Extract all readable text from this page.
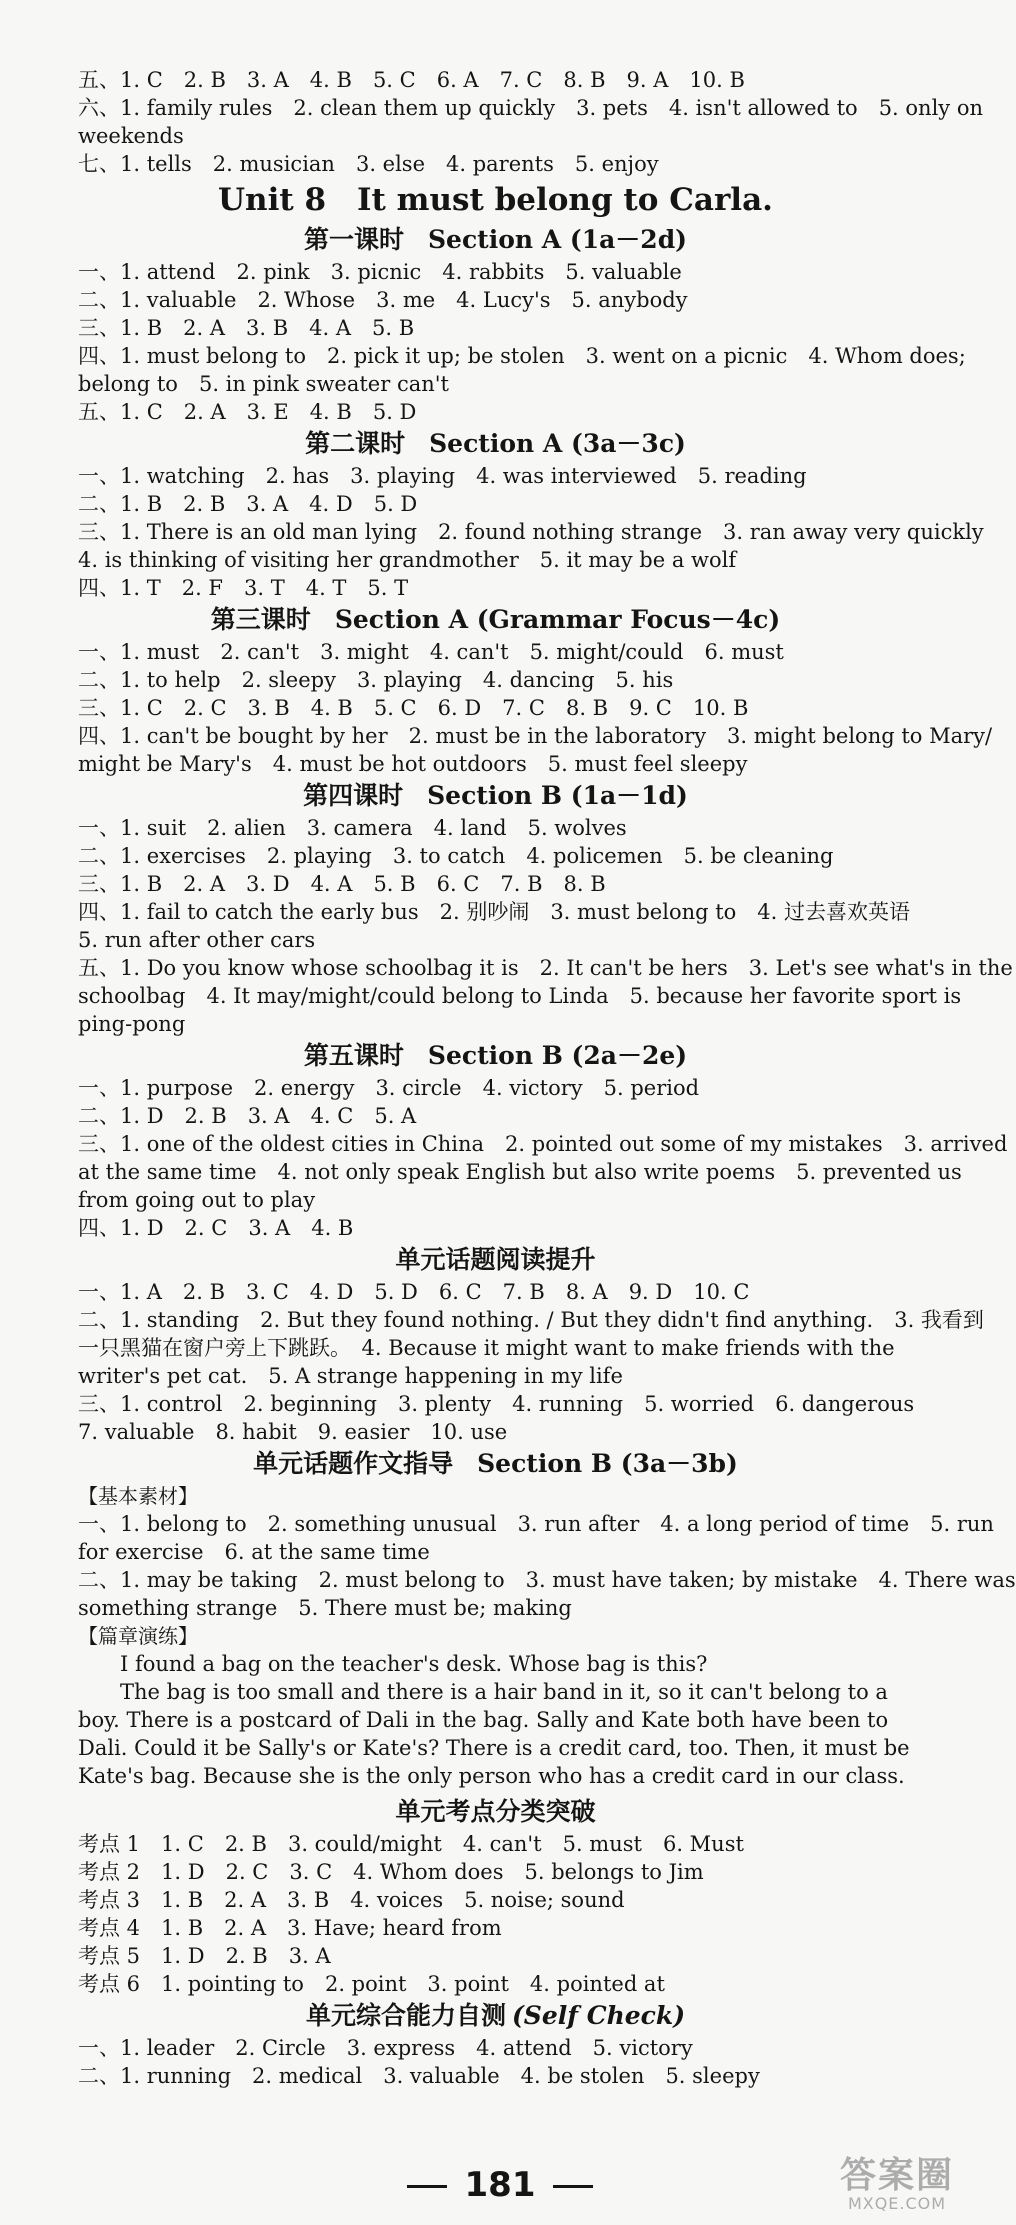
五、1. C　2. B　3. A　4. B　5. C　6. A　7. C　8. B　9. A　10. B
六、1. family rules　2. clean them up quickly　3. pets　4. isn't allowed to　5. only on
weekends
七、1. tells　2. musician　3. else　4. parents　5. enjoy
Unit 8　It must belong to Carla.
第一课时 Section A (1a－2d)
一、1. attend　2. pink　3. picnic　4. rabbits　5. valuable
二、1. valuable　2. Whose　3. me　4. Lucy's　5. anybody
三、1. B　2. A　3. B　4. A　5. B
四、1. must belong to　2. pick it up; be stolen　3. went on a picnic　4. Whom does;
belong to　5. in pink sweater can't
五、1. C　2. A　3. E　4. B　5. D
第二课时 Section A (3a－3c)
一、1. watching　2. has　3. playing　4. was interviewed　5. reading
二、1. B　2. B　3. A　4. D　5. D
三、1. There is an old man lying　2. found nothing strange　3. ran away very quickly
4. is thinking of visiting her grandmother　5. it may be a wolf
四、1. T　2. F　3. T　4. T　5. T
第三课时 Section A (Grammar Focus－4c)
一、1. must　2. can't　3. might　4. can't　5. might/could　6. must
二、1. to help　2. sleepy　3. playing　4. dancing　5. his
三、1. C　2. C　3. B　4. B　5. C　6. D　7. C　8. B　9. C　10. B
四、1. can't be bought by her　2. must be in the laboratory　3. might belong to Mary/
might be Mary's　4. must be hot outdoors　5. must feel sleepy
第四课时 Section B (1a－1d)
一、1. suit　2. alien　3. camera　4. land　5. wolves
二、1. exercises　2. playing　3. to catch　4. policemen　5. be cleaning
三、1. B　2. A　3. D　4. A　5. B　6. C　7. B　8. B
四、1. fail to catch the early bus　2. 别吵闹　3. must belong to　4. 过去喜欢英语
5. run after other cars
五、1. Do you know whose schoolbag it is　2. It can't be hers　3. Let's see what's in the
schoolbag　4. It may/might/could belong to Linda　5. because her favorite sport is
ping-pong
第五课时 Section B (2a－2e)
一、1. purpose　2. energy　3. circle　4. victory　5. period
二、1. D　2. B　3. A　4. C　5. A
三、1. one of the oldest cities in China　2. pointed out some of my mistakes　3. arrived
at the same time　4. not only speak English but also write poems　5. prevented us
from going out to play
四、1. D　2. C　3. A　4. B
单元话题阅读提升
一、1. A　2. B　3. C　4. D　5. D　6. C　7. B　8. A　9. D　10. C
二、1. standing　2. But they found nothing. / But they didn't find anything.　3. 我看到
一只黑猫在窗户旁上下跳跃。　4. Because it might want to make friends with the
writer's pet cat.　5. A strange happening in my life
三、1. control　2. beginning　3. plenty　4. running　5. worried　6. dangerous
7. valuable　8. habit　9. easier　10. use
单元话题作文指导 Section B (3a－3b)
【基本素材】
一、1. belong to　2. something unusual　3. run after　4. a long period of time　5. run
for exercise　6. at the same time
二、1. may be taking　2. must belong to　3. must have taken; by mistake　4. There was
something strange　5. There must be; making
【篇章演练】
I found a bag on the teacher's desk. Whose bag is this?
The bag is too small and there is a hair band in it, so it can't belong to a boy. There is a postcard of Dali in the bag. Sally and Kate both have been to Dali. Could it be Sally's or Kate's? There is a credit card, too. Then, it must be Kate's bag. Because she is the only person who has a credit card in our class.
单元考点分类突破
考点 1　1. C　2. B　3. could/might　4. can't　5. must　6. Must
考点 2　1. D　2. C　3. C　4. Whom does　5. belongs to Jim
考点 3　1. B　2. A　3. B　4. voices　5. noise; sound
考点 4　1. B　2. A　3. Have; heard from
考点 5　1. D　2. B　3. A
考点 6　1. pointing to　2. point　3. point　4. pointed at
单元综合能力自测 (Self Check)
一、1. leader　2. Circle　3. express　4. attend　5. victory
二、1. running　2. medical　3. valuable　4. be stolen　5. sleepy
181	答案圈
MXQE.COM
